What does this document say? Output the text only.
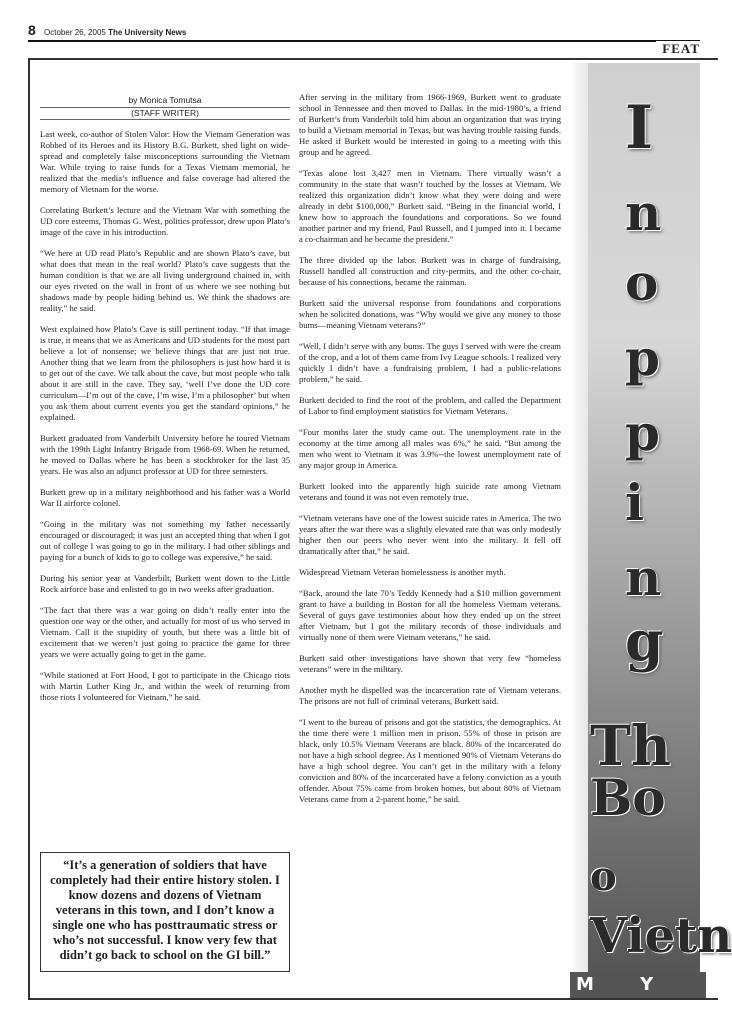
8 October 26, 2005 The University News
FEAT
by Monica Tomutsa
(STAFF WRITER)

Last week, co-author of Stolen Valor: How the Vietnam Generation was Robbed of its Heroes and its History B.G. Burkett, shed light on wide-spread and completely false misconceptions surrounding the Vietnam War. While trying to raise funds for a Texas Vietnam memorial, he realized that the media’s influence and false coverage had altered the memory of Vietnam for the worse.

Correlating Burkett’s lecture and the Vietnam War with something the UD core esteems, Thomas G. West, politics professor, drew upon Plato’s image of the cave in his introduction.

“We here at UD read Plato’s Republic and are shown Plato’s cave, but what does that mean in the real world? Plato’s cave suggests that the human condition is that we are all living underground chained in, with our eyes riveted on the wall in front of us where we see nothing but shadows made by people hiding behind us. We think the shadows are reality,” he said.

West explained how Plato’s Cave is still pertinent today. “If that image is true, it means that we as Americans and UD students for the most part believe a lot of nonsense; we believe things that are just not true. Another thing that we learn from the philosophers is just how hard it is to get out of the cave. We talk about the cave, but most people who talk about it are still in the cave. They say, ‘well I’ve done the UD core curriculum—I’m out of the cave, I’m wise, I’m a philosopher’ but when you ask them about current events you get the standard opinions,” he explained.

Burkett graduated from Vanderbilt University before he toured Vietnam with the 199th Light Infantry Brigade from 1968-69. When he returned, he moved to Dallas where he has been a stockbroker for the last 35 years. He was also an adjunct professor at UD for three semesters.

Burkett grew up in a military neighborhood and his father was a World War II airforce colonel.

“Going in the military was not something my father necessarily encouraged or discouraged; it was just an accepted thing that when I got out of college I was going to go in the military. I had other siblings and paying for a bunch of kids to go to college was expensive,” he said.

During his senior year at Vanderbilt, Burkett went down to the Little Rock airforce base and enlisted to go in two weeks after graduation.

“The fact that there was a war going on didn’t really enter into the question one way or the other, and actually for most of us who served in Vietnam. Call it the stupidity of youth, but there was a little bit of excitement that we weren’t just going to practice the game for three years we were actually going to get in the game.

“While stationed at Fort Hood, I got to participate in the Chicago riots with Martin Luther King Jr., and within the week of returning from those riots I volunteered for Vietnam,” he said.

“It’s a generation of soldiers that have completely had their entire history stolen. I know dozens and dozens of Vietnam veterans in this town, and I don’t know a single one who has posttraumatic stress or who’s not successful. I know very few that didn’t go back to school on the GI bill.”

After serving in the military from 1966-1969, Burkett went to graduate school in Tennessee and then moved to Dallas. In the mid-1980’s, a friend of Burkett’s from Vanderbilt told him about an organization that was trying to build a Vietnam memorial in Texas, but was having trouble raising funds. He asked if Burkett would be interested in going to a meeting with this group and he agreed.

“Texas alone lost 3,427 men in Vietnam. There virtually wasn’t a community in the state that wasn’t touched by the losses at Vietnam. We realized this organization didn’t know what they were doing and were already in debt $100,000,” Burkett said. “Being in the financial world, I knew how to approach the foundations and corporations. So we found another partner and my friend, Paul Russell, and I jumped into it. I became a co-chairman and he became the president.”

The three divided up the labor. Burkett was in charge of fundraising, Russell handled all construction and city-permits, and the other co-chair, because of his connections, became the rainman.

Burkett said the universal response from foundations and corporations when he solicited donations, was “Why would we give any money to those bums—meaning Vietnam veterans?”

“Well, I didn’t serve with any bums. The guys I served with were the cream of the crop, and a lot of them came from Ivy League schools. I realized very quickly I didn’t have a fundraising problem, I had a public-relations problem,” he said.

Burkett decided to find the root of the problem, and called the Department of Labor to find employment statistics for Vietnam Veterans.

“Four months later the study came out. The unemployment rate in the economy at the time among all males was 6%,” he said. “But among the men who went to Vietnam it was 3.9%--the lowest unemployment rate of any major group in America.

Burkett looked into the apparently high suicide rate among Vietnam veterans and found it was not even remotely true.

“Vietnam veterans have one of the lowest suicide rates in America. The two years after the war there was a slightly elevated rate that was only modestly higher then our peers who never went into the military. It fell off dramatically after that,” he said.

Widespread Vietnam Veteran homelessness is another myth.

“Back, around the late 70’s Teddy Kennedy had a $10 million government grant to have a building in Boston for all the homeless Vietnam veterans. Several of guys gave testimonies about how they ended up on the street after Vietnam, but I got the military records of those individuals and virtually none of them were Vietnam veterans,” he said.

Burkett said other investigations have shown that very few “homeless veterans” were in the military.

Another myth he dispelled was the incarceration rate of Vietnam veterans. The prisons are not full of criminal veterans, Burkett said.

“I went to the bureau of prisons and got the statistics, the demographics. At the time there were 1 million men in prison. 55% of those in prison are black, only 10.5% Vietnam Veterans are black. 80% of the incarcerated do not have a high school degree. As I mentioned 90% of Vietnam Veterans do have a high school degree. You can’t get in the military with a felony conviction and 80% of the incarcerated have a felony conviction as a youth offender. About 75% came from broken homes, but about 80% of Vietnam Veterans came from a 2-parent home,” he said.

I
n
o
p
p
i
n
g
Th
Bo
o
Vietn
M Y T
